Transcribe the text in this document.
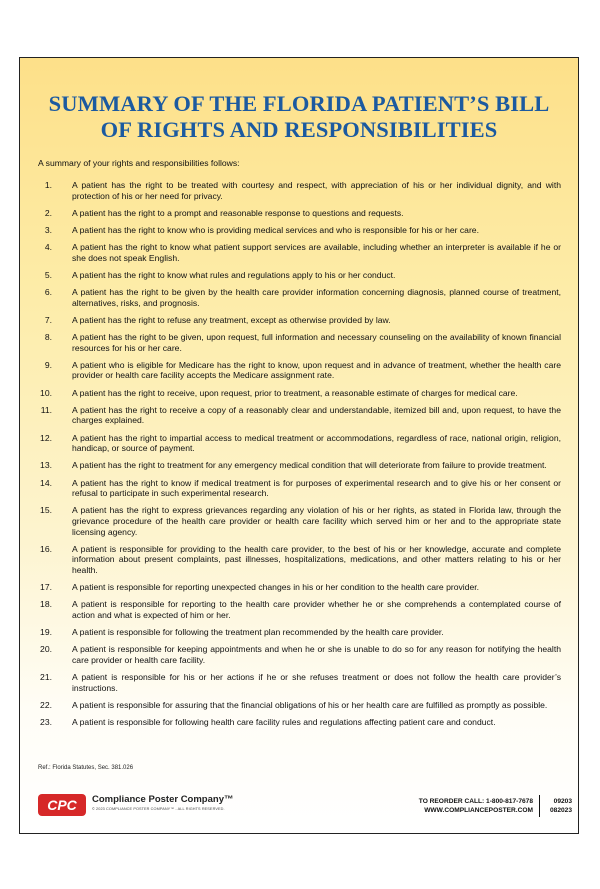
SUMMARY OF THE FLORIDA PATIENT’S BILL OF RIGHTS AND RESPONSIBILITIES
A summary of your rights and responsibilities follows:
1.	A patient has the right to be treated with courtesy and respect, with appreciation of his or her individual dignity, and with protection of his or her need for privacy.
2.	A patient has the right to a prompt and reasonable response to questions and requests.
3.	A patient has the right to know who is providing medical services and who is responsible for his or her care.
4.	A patient has the right to know what patient support services are available, including whether an interpreter is available if he or she does not speak English.
5.	A patient has the right to know what rules and regulations apply to his or her conduct.
6.	A patient has the right to be given by the health care provider information concerning diagnosis, planned course of treatment, alternatives, risks, and prognosis.
7.	A patient has the right to refuse any treatment, except as otherwise provided by law.
8.	A patient has the right to be given, upon request, full information and necessary counseling on the availability of known financial resources for his or her care.
9.	A patient who is eligible for Medicare has the right to know, upon request and in advance of treatment, whether the health care provider or health care facility accepts the Medicare assignment rate.
10.	A patient has the right to receive, upon request, prior to treatment, a reasonable estimate of charges for medical care.
11.	A patient has the right to receive a copy of a reasonably clear and understandable, itemized bill and, upon request, to have the charges explained.
12.	A patient has the right to impartial access to medical treatment or accommodations, regardless of race, national origin, religion, handicap, or source of payment.
13.	A patient has the right to treatment for any emergency medical condition that will deteriorate from failure to provide treatment.
14.	A patient has the right to know if medical treatment is for purposes of experimental research and to give his or her consent or refusal to participate in such experimental research.
15.	A patient has the right to express grievances regarding any violation of his or her rights, as stated in Florida law, through the grievance procedure of the health care provider or health care facility which served him or her and to the appropriate state licensing agency.
16.	A patient is responsible for providing to the health care provider, to the best of his or her knowledge, accurate and complete information about present complaints, past illnesses, hospitalizations, medications, and other matters relating to his or her health.
17.	A patient is responsible for reporting unexpected changes in his or her condition to the health care provider.
18.	A patient is responsible for reporting to the health care provider whether he or she comprehends a contemplated course of action and what is expected of him or her.
19.	A patient is responsible for following the treatment plan recommended by the health care provider.
20.	A patient is responsible for keeping appointments and when he or she is unable to do so for any reason for notifying the health care provider or health care facility.
21.	A patient is responsible for his or her actions if he or she refuses treatment or does not follow the health care provider’s instructions.
22.	A patient is responsible for assuring that the financial obligations of his or her health care are fulfilled as promptly as possible.
23.	A patient is responsible for following health care facility rules and regulations affecting patient care and conduct.
Ref.: Florida Statutes, Sec. 381.026
CPC Compliance Poster Company™
© 2023 COMPLIANCE POSTER COMPANY™ - ALL RIGHTS RESERVED.
TO REORDER CALL: 1-800-817-7678
WWW.COMPLIANCEPOSTER.COM
09203
082023
